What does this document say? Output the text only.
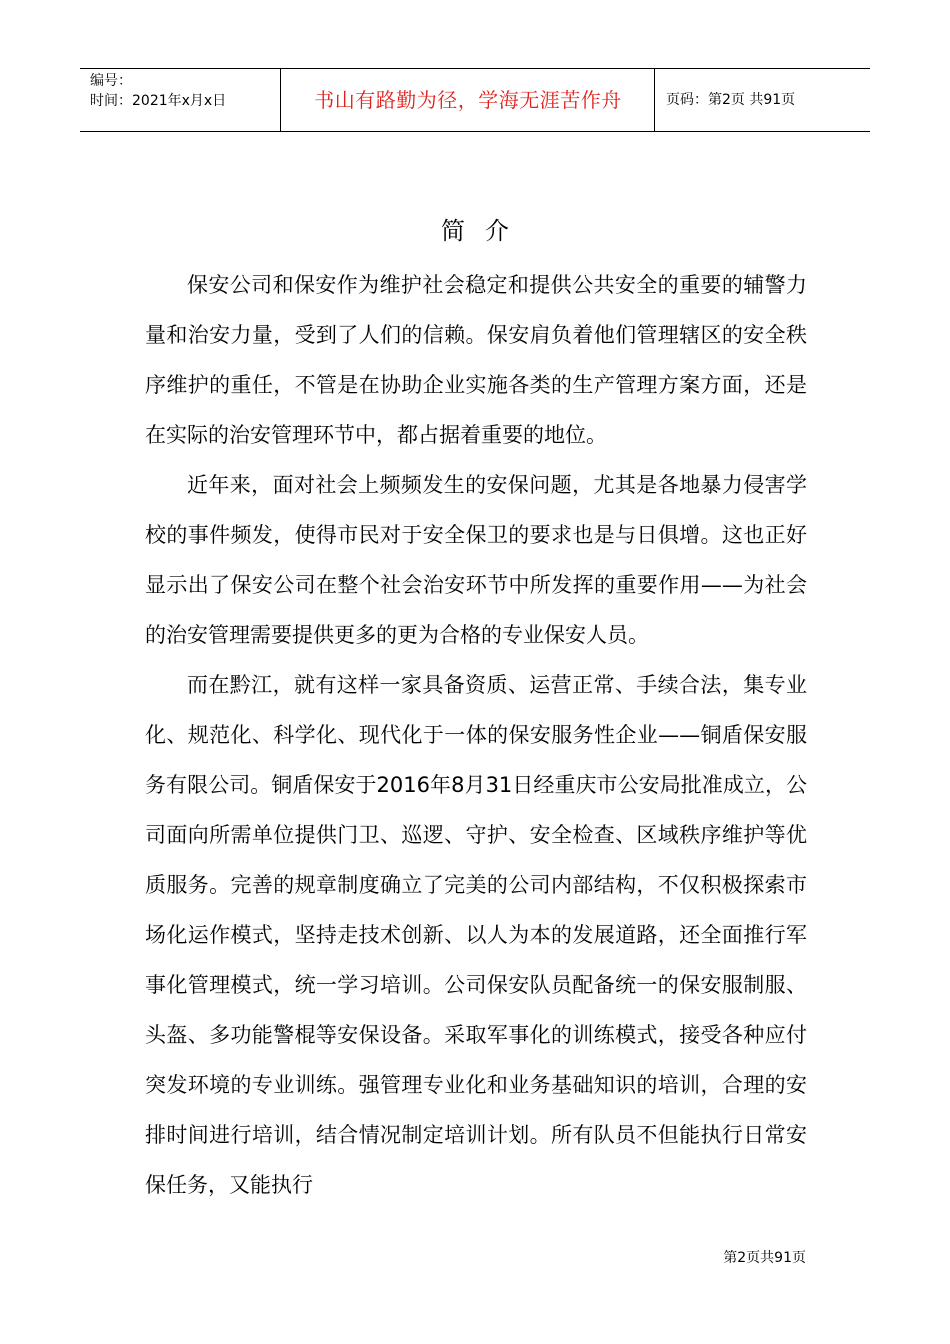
编号：
时间：2021年x月x日	书山有路勤为径，学海无涯苦作舟	页码：第2页 共91页
简介

保安公司和保安作为维护社会稳定和提供公共安全的重要的辅警力量和治安力量，受到了人们的信赖。保安肩负着他们管理辖区的安全秩序维护的重任，不管是在协助企业实施各类的生产管理方案方面，还是在实际的治安管理环节中，都占据着重要的地位。

近年来，面对社会上频频发生的安保问题，尤其是各地暴力侵害学校的事件频发，使得市民对于安全保卫的要求也是与日俱增。这也正好显示出了保安公司在整个社会治安环节中所发挥的重要作用——为社会的治安管理需要提供更多的更为合格的专业保安人员。

而在黔江，就有这样一家具备资质、运营正常、手续合法，集专业化、规范化、科学化、现代化于一体的保安服务性企业——铜盾保安服务有限公司。铜盾保安于2016年8月31日经重庆市公安局批准成立，公司面向所需单位提供门卫、巡逻、守护、安全检查、区域秩序维护等优质服务。完善的规章制度确立了完美的公司内部结构，不仅积极探索市场化运作模式，坚持走技术创新、以人为本的发展道路，还全面推行军事化管理模式，统一学习培训。公司保安队员配备统一的保安服制服、头盔、多功能警棍等安保设备。采取军事化的训练模式，接受各种应付突发环境的专业训练。强管理专业化和业务基础知识的培训，合理的安排时间进行培训，结合情况制定培训计划。所有队员不但能执行日常安保任务，又能执行

第2页共91页
